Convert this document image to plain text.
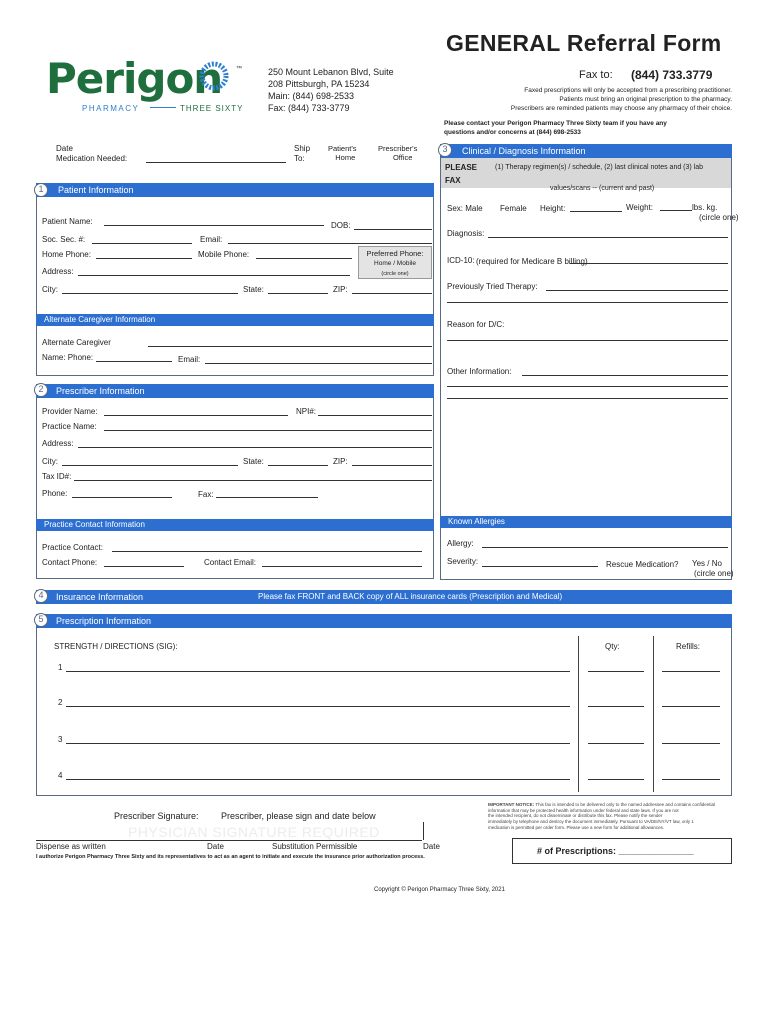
GENERAL Referral Form
Perigon ™
PHARMACY	THREE SIXTY
250 Mount Lebanon Blvd, Suite
208 Pittsburgh, PA 15234
Main: (844) 698-2533
Fax: (844) 733-3779
Fax to: (844) 733.3779
Faxed prescriptions will only be accepted from a prescribing practitioner.
Patients must bring an original prescription to the pharmacy.
Prescribers are reminded patients may choose any pharmacy of their choice.
Please contact your Perigon Pharmacy Three Sixty team if you have any
questions and/or concerns at (844) 698-2533
Date
Medication Needed:
Ship
To:
Patient's
Home
Prescriber's
Office
Patient Information
1
Patient Name:	DOB:
Soc. Sec. #:	Email:
Home Phone:	Mobile Phone:	Preferred Phone:
Home / Mobile
(circle one)
Address:
City:	State:	ZIP:
Alternate Caregiver Information
Alternate Caregiver
Name: Phone:	Email:
Prescriber Information
2
Provider Name:	NPI#:
Practice Name:
Address:
City:	State:	ZIP:
Tax ID#:
Phone:	Fax:
Practice Contact Information
Practice Contact:
Contact Phone:	Contact Email:
Clinical / Diagnosis Information
3
PLEASE
FAX
(1) Therapy regimen(s) / schedule, (2) last clinical notes and (3) lab
values/scans -- (current and past)
Sex: Male Female Height:	Weight:	lbs. kg.
(circle one)
Diagnosis:
ICD-10: (required for Medicare B billing)
Previously Tried Therapy:
Reason for D/C:
Other Information:
Known Allergies
Allergy:
Severity:	Rescue Medication? Yes / No
(circle one)
Insurance Information	Please fax FRONT and BACK copy of ALL insurance cards (Prescription and Medical)
4
Prescription Information
5
STRENGTH / DIRECTIONS (SIG):	Qty:	Refills:
1
2
3
4
Prescriber Signature: Prescriber, please sign and date below
PHYSICIAN SIGNATURE REQUIRED
Dispense as written	Date	Substitution Permissible	Date
I authorize Perigon Pharmacy Three Sixty and its representatives to act as an agent to initiate and execute the insurance prior authorization process.
IMPORTANT NOTICE: This fax is intended to be delivered only to the named addressee and contains confidential
information that may be protected health information under federal and state laws. If you are not
the intended recipient, do not disseminate or distribute this fax. Please notify the sender
immediately by telephone and destroy the document immediately. Pursuant to VA/DE/NY/VT law, only 1
medication is permitted per order form. Please use a new form for additional allowances.
# of Prescriptions: _______________
Copyright © Perigon Pharmacy Three Sixty, 2021
